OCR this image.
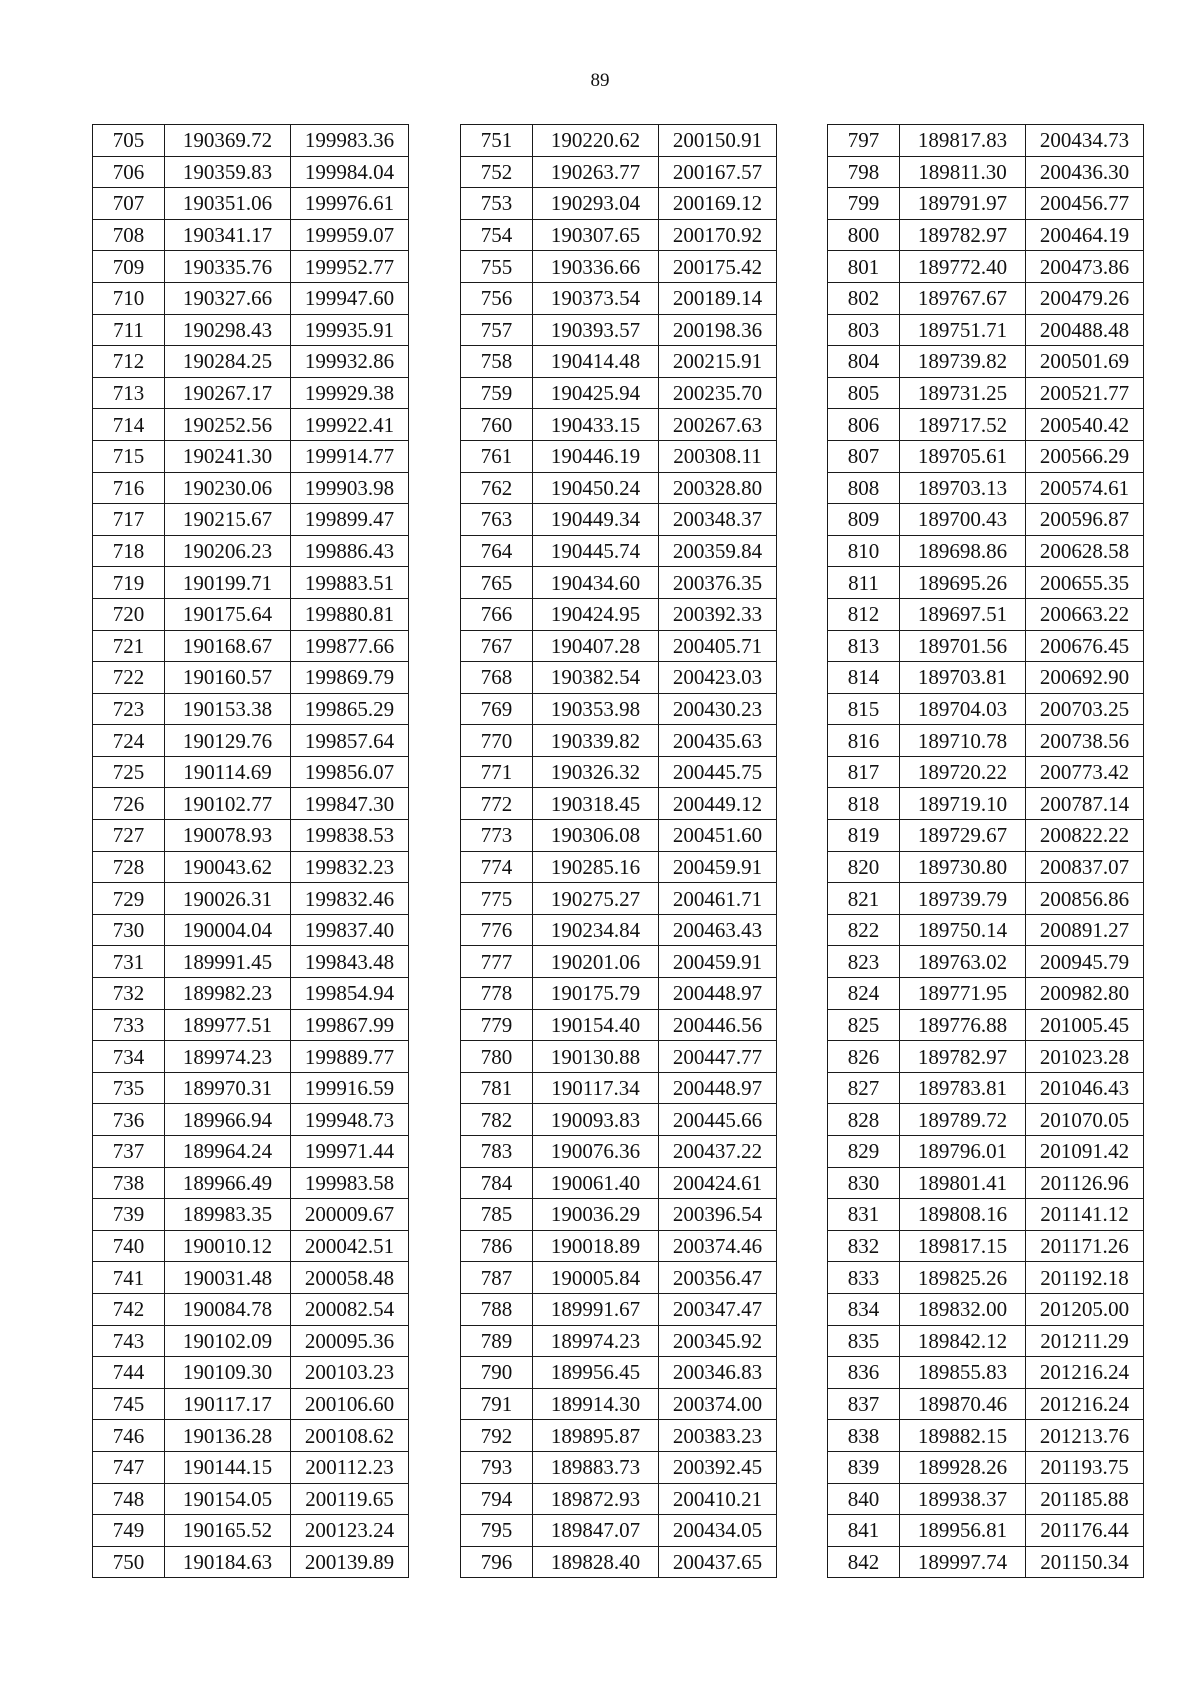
89
705	190369.72	199983.36
706	190359.83	199984.04
707	190351.06	199976.61
708	190341.17	199959.07
709	190335.76	199952.77
710	190327.66	199947.60
711	190298.43	199935.91
712	190284.25	199932.86
713	190267.17	199929.38
714	190252.56	199922.41
715	190241.30	199914.77
716	190230.06	199903.98
717	190215.67	199899.47
718	190206.23	199886.43
719	190199.71	199883.51
720	190175.64	199880.81
721	190168.67	199877.66
722	190160.57	199869.79
723	190153.38	199865.29
724	190129.76	199857.64
725	190114.69	199856.07
726	190102.77	199847.30
727	190078.93	199838.53
728	190043.62	199832.23
729	190026.31	199832.46
730	190004.04	199837.40
731	189991.45	199843.48
732	189982.23	199854.94
733	189977.51	199867.99
734	189974.23	199889.77
735	189970.31	199916.59
736	189966.94	199948.73
737	189964.24	199971.44
738	189966.49	199983.58
739	189983.35	200009.67
740	190010.12	200042.51
741	190031.48	200058.48
742	190084.78	200082.54
743	190102.09	200095.36
744	190109.30	200103.23
745	190117.17	200106.60
746	190136.28	200108.62
747	190144.15	200112.23
748	190154.05	200119.65
749	190165.52	200123.24
750	190184.63	200139.89
751	190220.62	200150.91
752	190263.77	200167.57
753	190293.04	200169.12
754	190307.65	200170.92
755	190336.66	200175.42
756	190373.54	200189.14
757	190393.57	200198.36
758	190414.48	200215.91
759	190425.94	200235.70
760	190433.15	200267.63
761	190446.19	200308.11
762	190450.24	200328.80
763	190449.34	200348.37
764	190445.74	200359.84
765	190434.60	200376.35
766	190424.95	200392.33
767	190407.28	200405.71
768	190382.54	200423.03
769	190353.98	200430.23
770	190339.82	200435.63
771	190326.32	200445.75
772	190318.45	200449.12
773	190306.08	200451.60
774	190285.16	200459.91
775	190275.27	200461.71
776	190234.84	200463.43
777	190201.06	200459.91
778	190175.79	200448.97
779	190154.40	200446.56
780	190130.88	200447.77
781	190117.34	200448.97
782	190093.83	200445.66
783	190076.36	200437.22
784	190061.40	200424.61
785	190036.29	200396.54
786	190018.89	200374.46
787	190005.84	200356.47
788	189991.67	200347.47
789	189974.23	200345.92
790	189956.45	200346.83
791	189914.30	200374.00
792	189895.87	200383.23
793	189883.73	200392.45
794	189872.93	200410.21
795	189847.07	200434.05
796	189828.40	200437.65
797	189817.83	200434.73
798	189811.30	200436.30
799	189791.97	200456.77
800	189782.97	200464.19
801	189772.40	200473.86
802	189767.67	200479.26
803	189751.71	200488.48
804	189739.82	200501.69
805	189731.25	200521.77
806	189717.52	200540.42
807	189705.61	200566.29
808	189703.13	200574.61
809	189700.43	200596.87
810	189698.86	200628.58
811	189695.26	200655.35
812	189697.51	200663.22
813	189701.56	200676.45
814	189703.81	200692.90
815	189704.03	200703.25
816	189710.78	200738.56
817	189720.22	200773.42
818	189719.10	200787.14
819	189729.67	200822.22
820	189730.80	200837.07
821	189739.79	200856.86
822	189750.14	200891.27
823	189763.02	200945.79
824	189771.95	200982.80
825	189776.88	201005.45
826	189782.97	201023.28
827	189783.81	201046.43
828	189789.72	201070.05
829	189796.01	201091.42
830	189801.41	201126.96
831	189808.16	201141.12
832	189817.15	201171.26
833	189825.26	201192.18
834	189832.00	201205.00
835	189842.12	201211.29
836	189855.83	201216.24
837	189870.46	201216.24
838	189882.15	201213.76
839	189928.26	201193.75
840	189938.37	201185.88
841	189956.81	201176.44
842	189997.74	201150.34
